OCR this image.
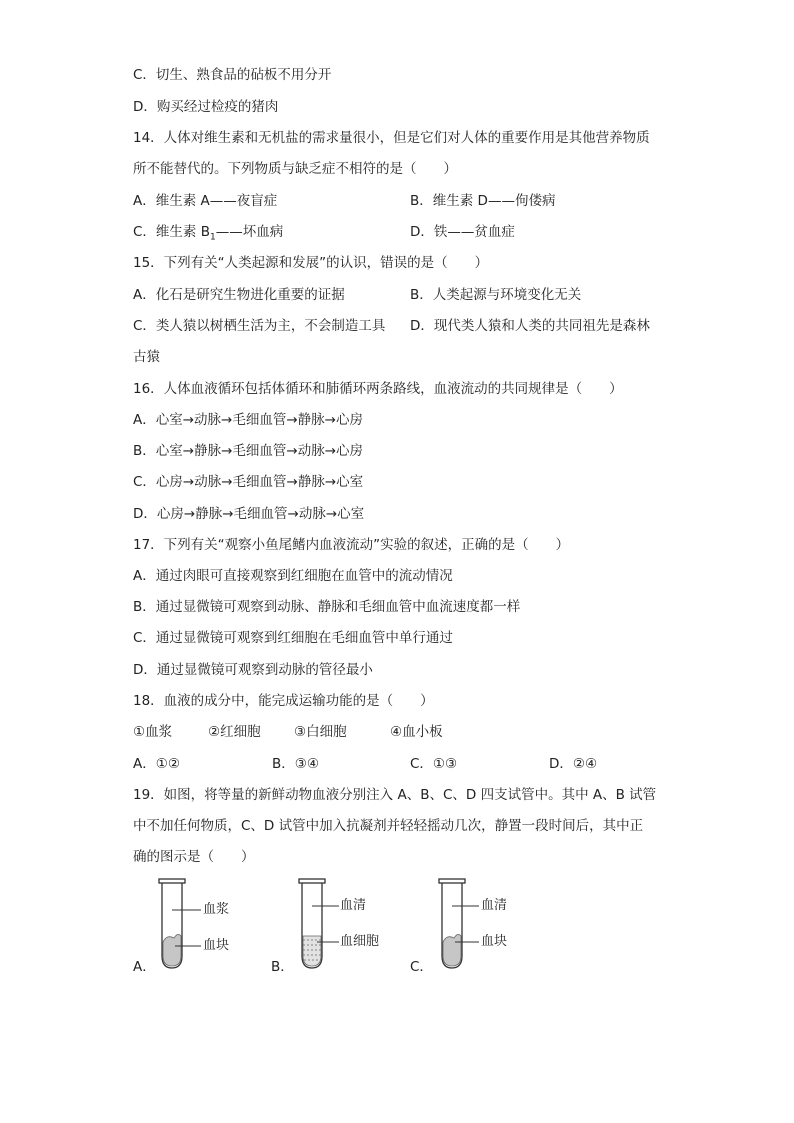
C．切生、熟食品的砧板不用分开
D．购买经过检疫的猪肉
14．人体对维生素和无机盐的需求量很小，但是它们对人体的重要作用是其他营养物质
所不能替代的。下列物质与缺乏症不相符的是（　　）
A．维生素 A——夜盲症	B．维生素 D——佝偻病
C．维生素 $B_1——$坏血病	D．铁——贫血症
15．下列有关“人类起源和发展”的认识，错误的是（　　）
A．化石是研究生物进化重要的证据	B．人类起源与环境变化无关
C．类人猿以树栖生活为主，不会制造工具 D．现代类人猿和人类的共同祖先是森林
古猿
16．人体血液循环包括体循环和肺循环两条路线，血液流动的共同规律是（　　）
A．心室→动脉→毛细血管→静脉→心房
B．心室→静脉→毛细血管→动脉→心房
C．心房→动脉→毛细血管→静脉→心室
D．心房→静脉→毛细血管→动脉→心室
17．下列有关“观察小鱼尾鳍内血液流动”实验的叙述，正确的是（　　）
A．通过肉眼可直接观察到红细胞在血管中的流动情况
B．通过显微镜可观察到动脉、静脉和毛细血管中血流速度都一样
C．通过显微镜可观察到红细胞在毛细血管中单行通过
D．通过显微镜可观察到动脉的管径最小
18．血液的成分中，能完成运输功能的是（　　）
①血浆	②红细胞 ③白细胞	④血小板
A．①②	B．③④	C．①③	D．②④
19．如图，将等量的新鲜动物血液分别注入 A、B、C、D 四支试管中。其中 A、B 试管
中不加任何物质，C、D 试管中加入抗凝剂并轻轻摇动几次，静置一段时间后，其中正
确的图示是（　　）
血浆
血块
A．
血清
血细胞
B．
血清
血块
C．
